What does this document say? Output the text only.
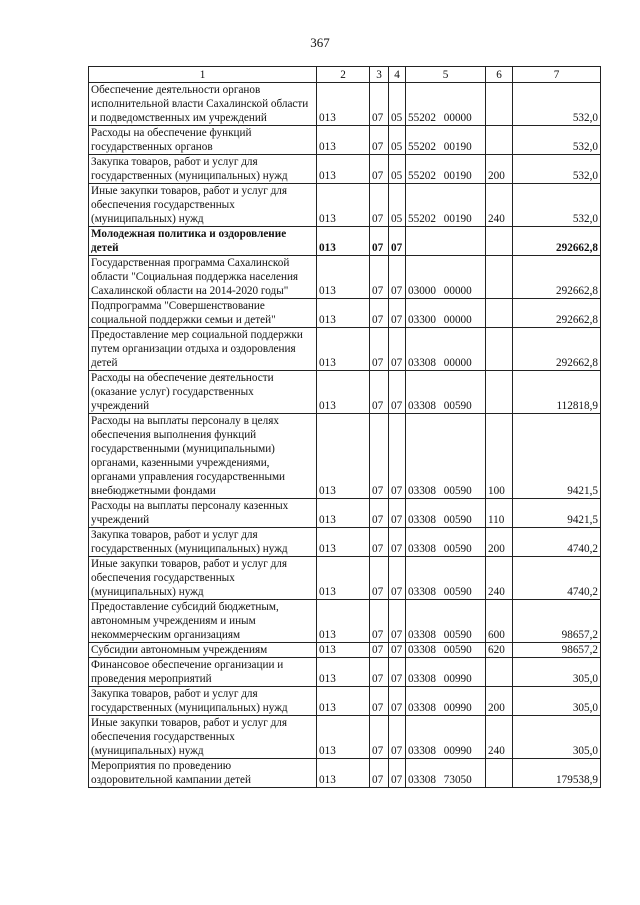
367
1	2	3	4	5	6	7
Обеспечение деятельности органов исполнительной власти Сахалинской области и подведомственных им учреждений	013	07	05	55202 00000		532,0
Расходы на обеспечение функций государственных органов	013	07	05	55202 00190		532,0
Закупка товаров, работ и услуг для государственных (муниципальных) нужд	013	07	05	55202 00190	200	532,0
Иные закупки товаров, работ и услуг для обеспечения государственных (муниципальных) нужд	013	07	05	55202 00190	240	532,0
Молодежная политика и оздоровление детей	013	07	07			292662,8
Государственная программа Сахалинской области "Социальная поддержка населения Сахалинской области на 2014-2020 годы"	013	07	07	03000 00000		292662,8
Подпрограмма "Совершенствование социальной поддержки семьи и детей"	013	07	07	03300 00000		292662,8
Предоставление мер социальной поддержки путем организации отдыха и оздоровления детей	013	07	07	03308 00000		292662,8
Расходы на обеспечение деятельности (оказание услуг) государственных учреждений	013	07	07	03308 00590		112818,9
Расходы на выплаты персоналу в целях обеспечения выполнения функций государственными (муниципальными) органами, казенными учреждениями, органами управления государственными внебюджетными фондами	013	07	07	03308 00590	100	9421,5
Расходы на выплаты персоналу казенных учреждений	013	07	07	03308 00590	110	9421,5
Закупка товаров, работ и услуг для государственных (муниципальных) нужд	013	07	07	03308 00590	200	4740,2
Иные закупки товаров, работ и услуг для обеспечения государственных (муниципальных) нужд	013	07	07	03308 00590	240	4740,2
Предоставление субсидий бюджетным, автономным учреждениям и иным некоммерческим организациям	013	07	07	03308 00590	600	98657,2
Субсидии автономным учреждениям	013	07	07	03308 00590	620	98657,2
Финансовое обеспечение организации и проведения мероприятий	013	07	07	03308 00990		305,0
Закупка товаров, работ и услуг для государственных (муниципальных) нужд	013	07	07	03308 00990	200	305,0
Иные закупки товаров, работ и услуг для обеспечения государственных (муниципальных) нужд	013	07	07	03308 00990	240	305,0
Мероприятия по проведению оздоровительной кампании детей	013	07	07	03308 73050		179538,9
